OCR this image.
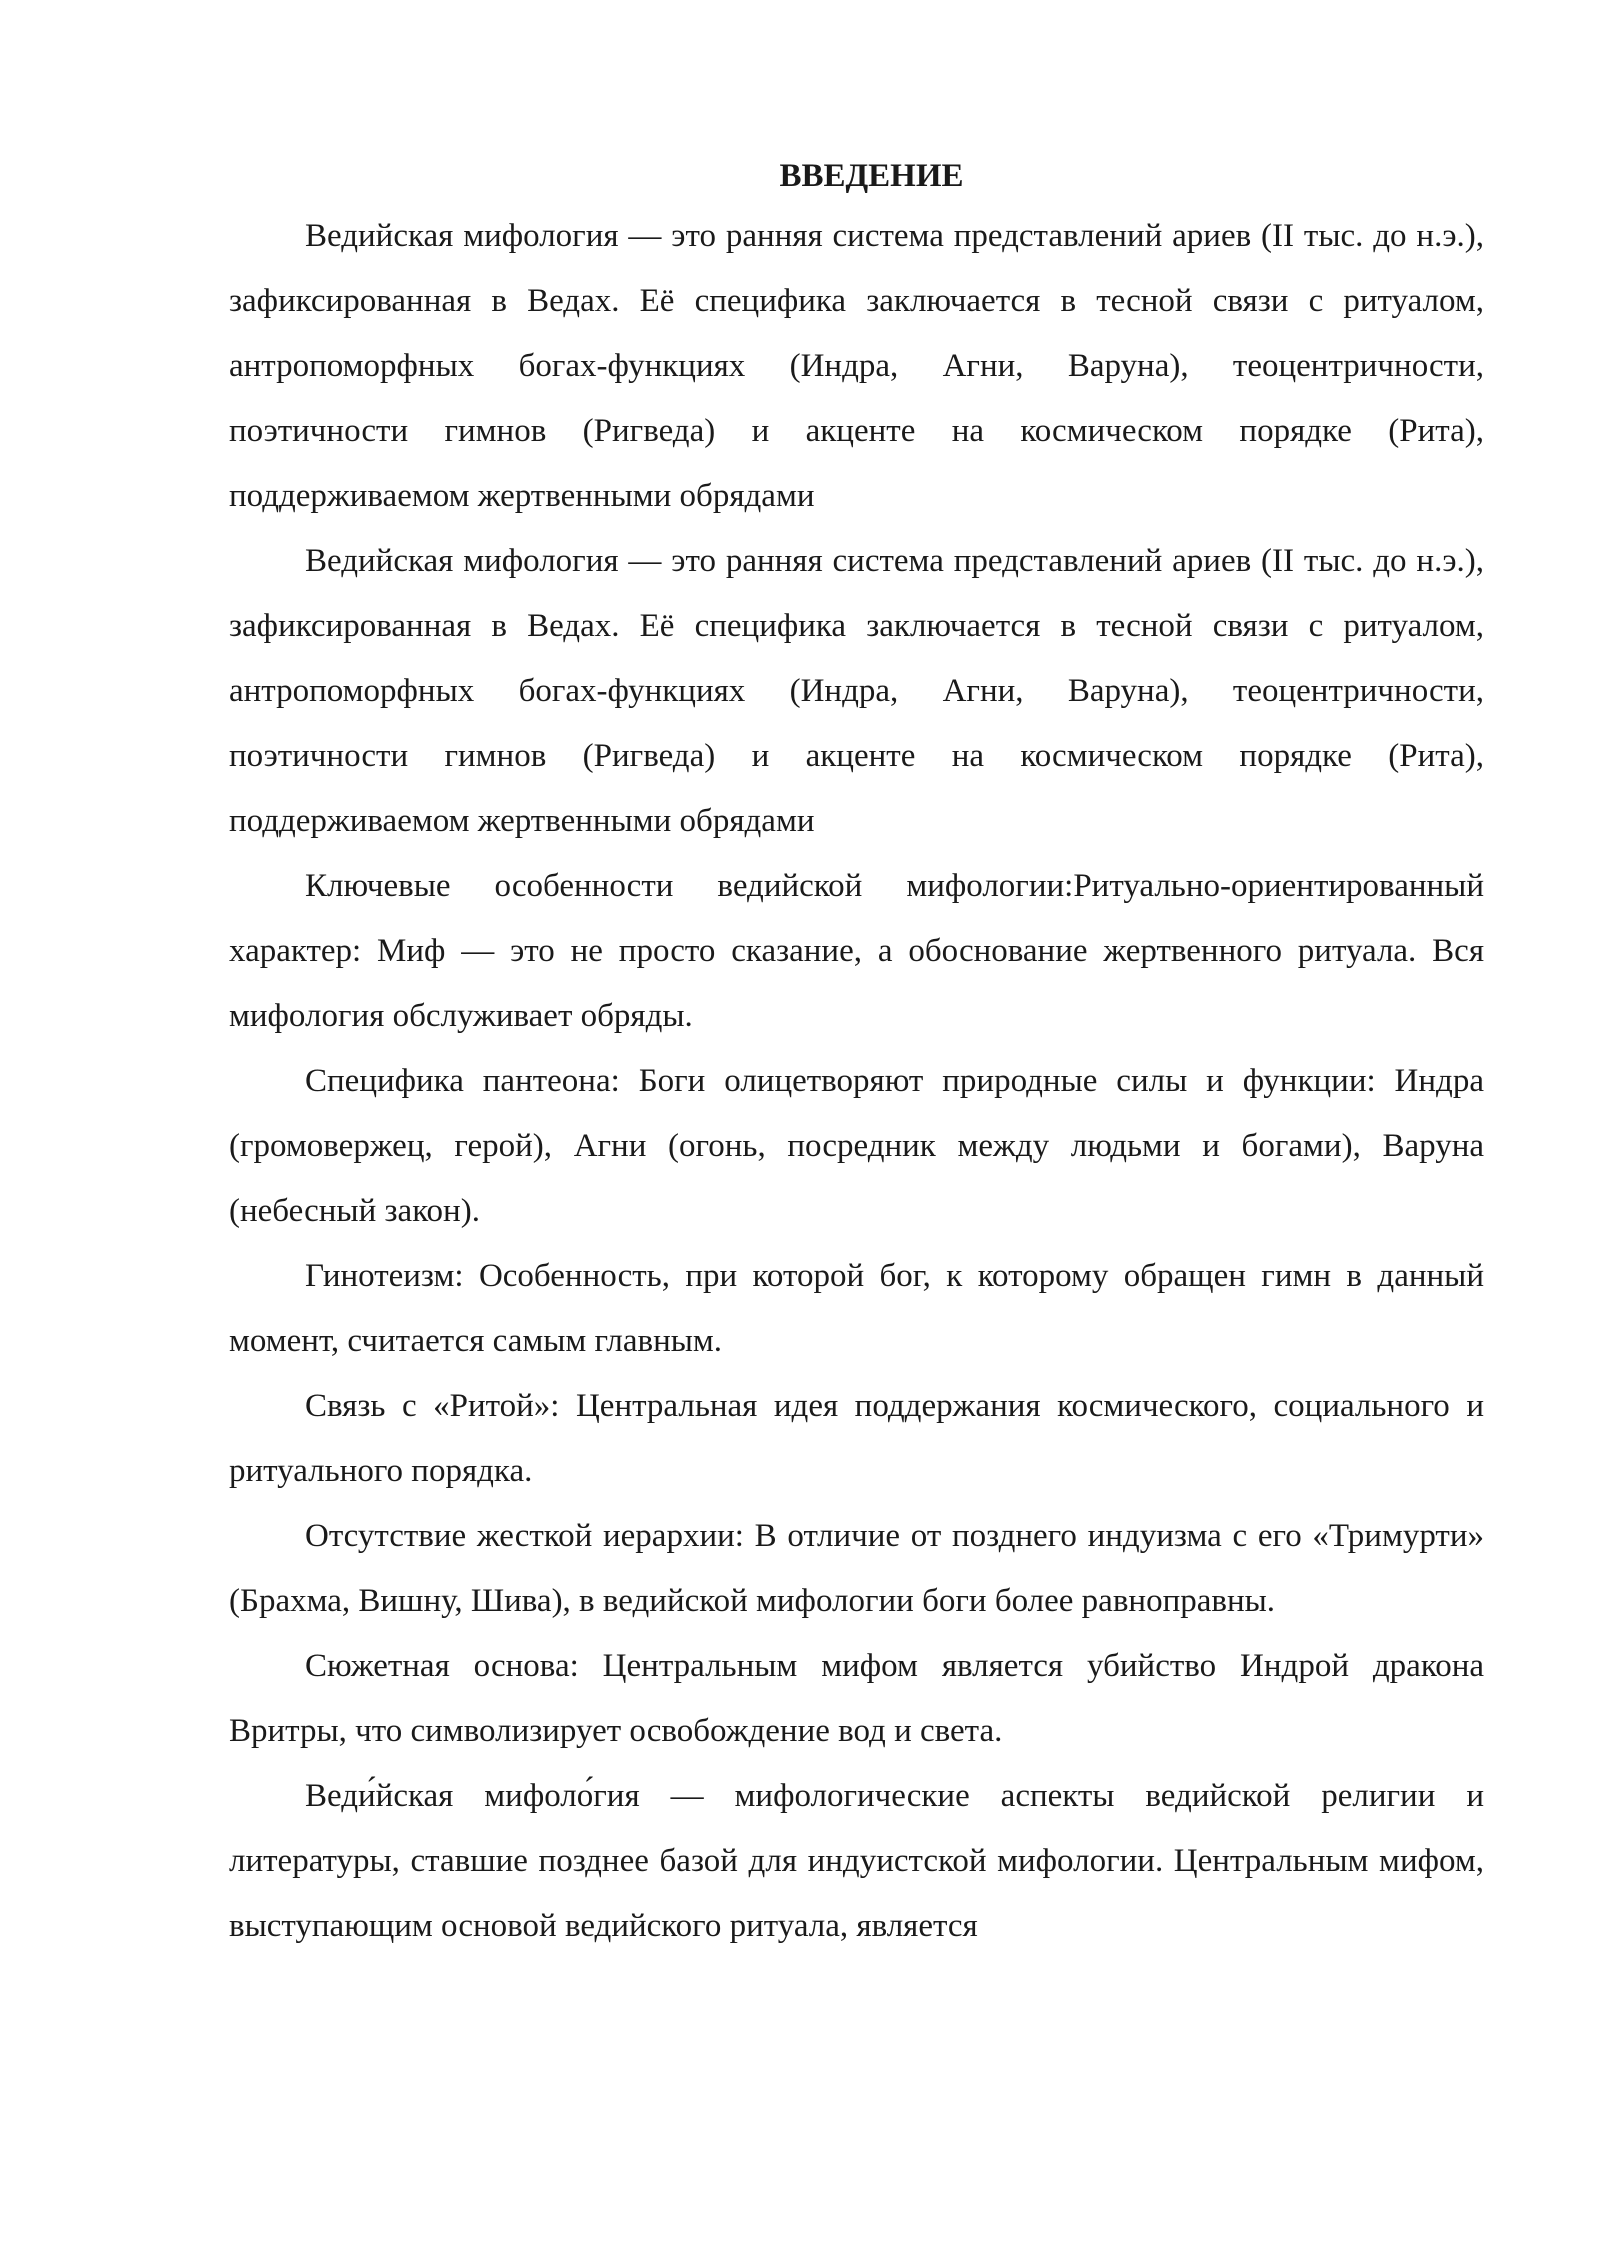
ВВЕДЕНИЕ

Ведийская мифология — это ранняя система представлений ариев (II тыс. до н.э.), зафиксированная в Ведах. Её специфика заключается в тесной связи с ритуалом, антропоморфных богах-функциях (Индра, Агни, Варуна), теоцентричности, поэтичности гимнов (Ригведа) и акценте на космическом порядке (Рита), поддерживаемом жертвенными обрядами

Ведийская мифология — это ранняя система представлений ариев (II тыс. до н.э.), зафиксированная в Ведах. Её специфика заключается в тесной связи с ритуалом, антропоморфных богах-функциях (Индра, Агни, Варуна), теоцентричности, поэтичности гимнов (Ригведа) и акценте на космическом порядке (Рита), поддерживаемом жертвенными обрядами

Ключевые особенности ведийской мифологии:Ритуально-ориентированный характер: Миф — это не просто сказание, а обоснование жертвенного ритуала. Вся мифология обслуживает обряды.

Специфика пантеона: Боги олицетворяют природные силы и функции: Индра (громовержец, герой), Агни (огонь, посредник между людьми и богами), Варуна (небесный закон).

Гинотеизм: Особенность, при которой бог, к которому обращен гимн в данный момент, считается самым главным.

Связь с «Ритой»: Центральная идея поддержания космического, социального и ритуального порядка.

Отсутствие жесткой иерархии: В отличие от позднего индуизма с его «Тримурти» (Брахма, Вишну, Шива), в ведийской мифологии боги более равноправны.

Сюжетная основа: Центральным мифом является убийство Индрой дракона Вритры, что символизирует освобождение вод и света.

Веди́йская мифоло́гия — мифологические аспекты ведийской религии и литературы, ставшие позднее базой для индуистской мифологии. Центральным мифом, выступающим основой ведийского ритуала, является
